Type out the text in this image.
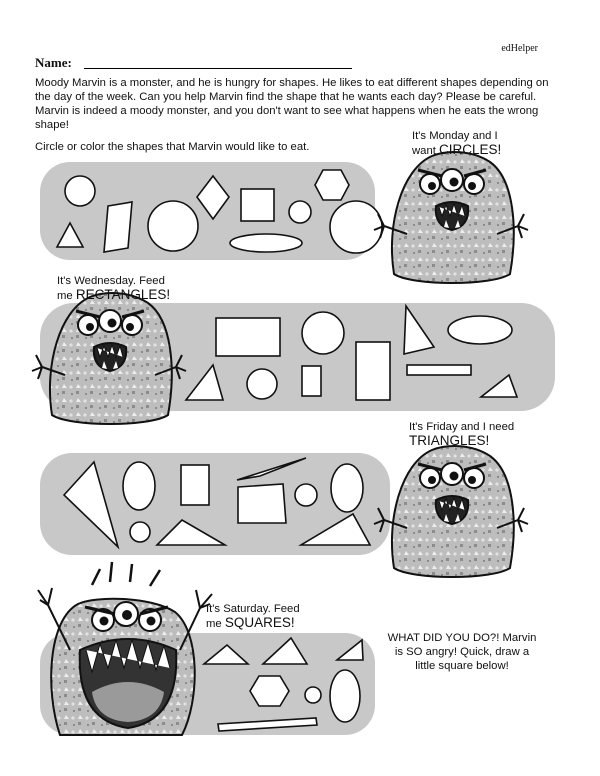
edHelper
Name:
Moody Marvin is a monster, and he is hungry for shapes. He likes to eat different shapes depending on the day of the week. Can you help Marvin find the shape that he wants each day? Please be careful. Marvin is indeed a moody monster, and you don't want to see what happens when he eats the wrong shape!
Circle or color the shapes that Marvin would like to eat.
It's Monday and I
want CIRCLES!
It's Wednesday. Feed
me RECTANGLES!
It's Friday and I need
TRIANGLES!
It's Saturday. Feed
me SQUARES!
WHAT DID YOU DO?! Marvin
is SO angry! Quick, draw a
little square below!
